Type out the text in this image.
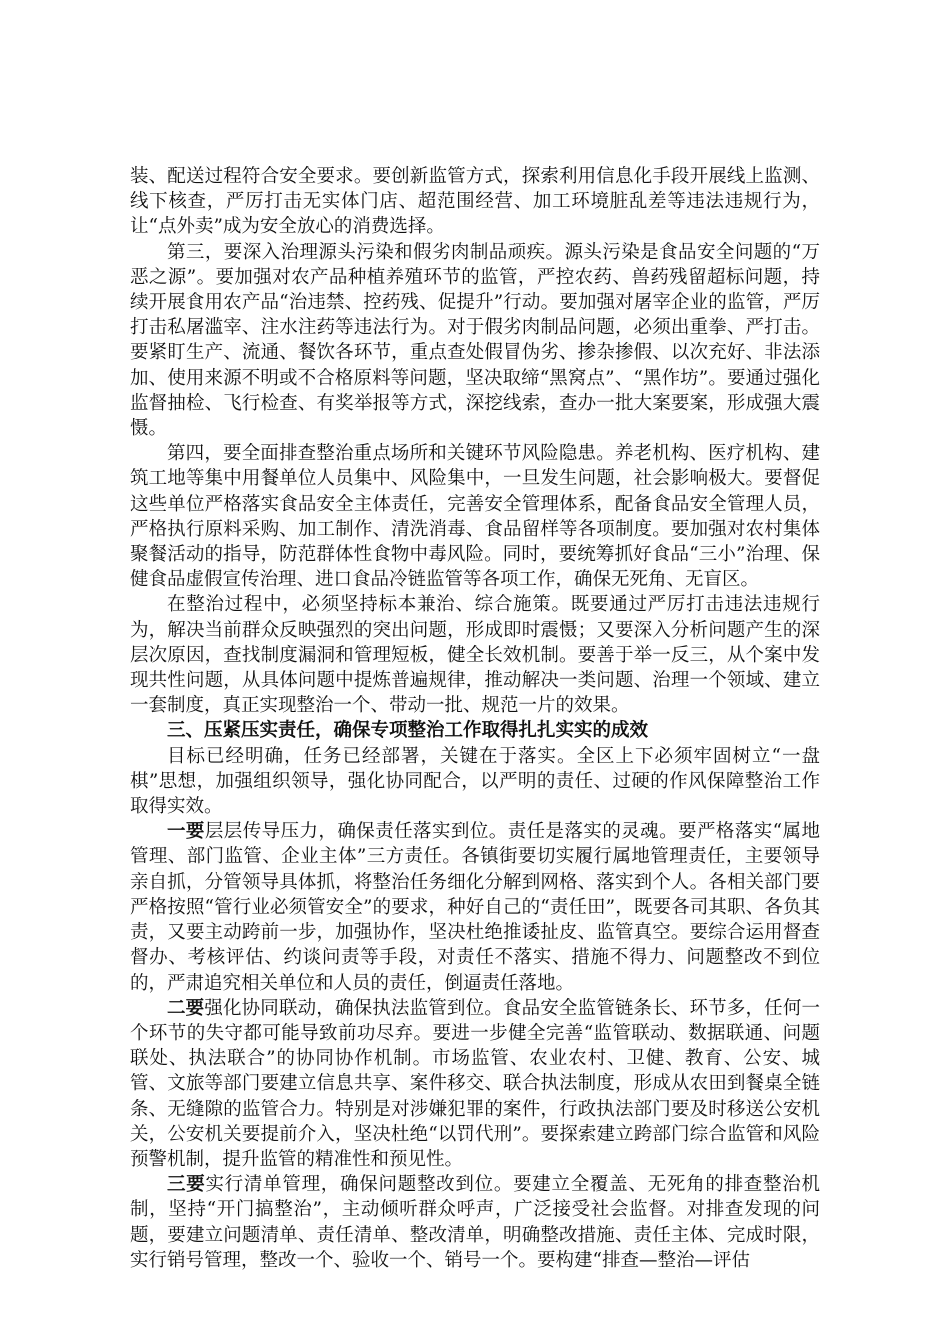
装、配送过程符合安全要求。要创新监管方式，探索利用信息化手段开展线上监测、线下核查，严厉打击无实体门店、超范围经营、加工环境脏乱差等违法违规行为，让“点外卖”成为安全放心的消费选择。

第三，要深入治理源头污染和假劣肉制品顽疾。源头污染是食品安全问题的“万恶之源”。要加强对农产品种植养殖环节的监管，严控农药、兽药残留超标问题，持续开展食用农产品“治违禁、控药残、促提升”行动。要加强对屠宰企业的监管，严厉打击私屠滥宰、注水注药等违法行为。对于假劣肉制品问题，必须出重拳、严打击。要紧盯生产、流通、餐饮各环节，重点查处假冒伪劣、掺杂掺假、以次充好、非法添加、使用来源不明或不合格原料等问题，坚决取缔“黑窝点”、“黑作坊”。要通过强化监督抽检、飞行检查、有奖举报等方式，深挖线索，查办一批大案要案，形成强大震慑。

第四，要全面排查整治重点场所和关键环节风险隐患。养老机构、医疗机构、建筑工地等集中用餐单位人员集中、风险集中，一旦发生问题，社会影响极大。要督促这些单位严格落实食品安全主体责任，完善安全管理体系，配备食品安全管理人员，严格执行原料采购、加工制作、清洗消毒、食品留样等各项制度。要加强对农村集体聚餐活动的指导，防范群体性食物中毒风险。同时，要统筹抓好食品“三小”治理、保健食品虚假宣传治理、进口食品冷链监管等各项工作，确保无死角、无盲区。

在整治过程中，必须坚持标本兼治、综合施策。既要通过严厉打击违法违规行为，解决当前群众反映强烈的突出问题，形成即时震慑；又要深入分析问题产生的深层次原因，查找制度漏洞和管理短板，健全长效机制。要善于举一反三，从个案中发现共性问题，从具体问题中提炼普遍规律，推动解决一类问题、治理一个领域、建立一套制度，真正实现整治一个、带动一批、规范一片的效果。

三、压紧压实责任，确保专项整治工作取得扎扎实实的成效

目标已经明确，任务已经部署，关键在于落实。全区上下必须牢固树立“一盘棋”思想，加强组织领导，强化协同配合，以严明的责任、过硬的作风保障整治工作取得实效。

一要层层传导压力，确保责任落实到位。责任是落实的灵魂。要严格落实“属地管理、部门监管、企业主体”三方责任。各镇街要切实履行属地管理责任，主要领导亲自抓，分管领导具体抓，将整治任务细化分解到网格、落实到个人。各相关部门要严格按照“管行业必须管安全”的要求，种好自己的“责任田”，既要各司其职、各负其责，又要主动跨前一步，加强协作，坚决杜绝推诿扯皮、监管真空。要综合运用督查督办、考核评估、约谈问责等手段，对责任不落实、措施不得力、问题整改不到位的，严肃追究相关单位和人员的责任，倒逼责任落地。

二要强化协同联动，确保执法监管到位。食品安全监管链条长、环节多，任何一个环节的失守都可能导致前功尽弃。要进一步健全完善“监管联动、数据联通、问题联处、执法联合”的协同协作机制。市场监管、农业农村、卫健、教育、公安、城管、文旅等部门要建立信息共享、案件移交、联合执法制度，形成从农田到餐桌全链条、无缝隙的监管合力。特别是对涉嫌犯罪的案件，行政执法部门要及时移送公安机关，公安机关要提前介入，坚决杜绝“以罚代刑”。要探索建立跨部门综合监管和风险预警机制，提升监管的精准性和预见性。

三要实行清单管理，确保问题整改到位。要建立全覆盖、无死角的排查整治机制，坚持“开门搞整治”，主动倾听群众呼声，广泛接受社会监督。对排查发现的问题，要建立问题清单、责任清单、整改清单，明确整改措施、责任主体、完成时限，实行销号管理，整改一个、验收一个、销号一个。要构建“排查—整治—评估
